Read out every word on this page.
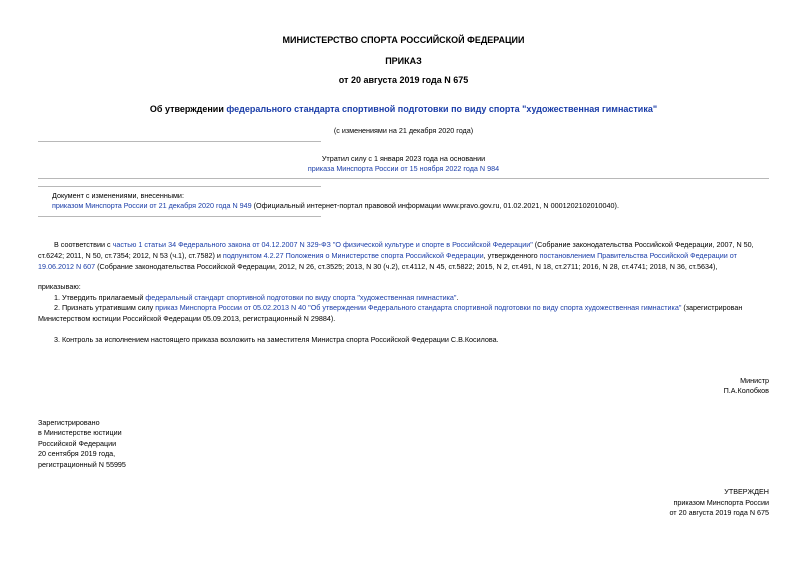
МИНИСТЕРСТВО СПОРТА РОССИЙСКОЙ ФЕДЕРАЦИИ
ПРИКАЗ
от 20 августа 2019 года N 675
Об утверждении федерального стандарта спортивной подготовки по виду спорта "художественная гимнастика"
(с изменениями на 21 декабря 2020 года)
Утратил силу с 1 января 2023 года на основании
приказа Минспорта России от 15 ноября 2022 года N 984
Документ с изменениями, внесенными:
приказом Минспорта России от 21 декабря 2020 года N 949 (Официальный интернет-портал правовой информации www.pravo.gov.ru, 01.02.2021, N 0001202102010040).
В соответствии с частью 1 статьи 34 Федерального закона от 04.12.2007 N 329-ФЗ "О физической культуре и спорте в Российской Федерации" (Собрание законодательства Российской Федерации, 2007, N 50,
ст.6242; 2011, N 50, ст.7354; 2012, N 53 (ч.1), ст.7582) и подпунктом 4.2.27 Положения о Министерстве спорта Российской Федерации, утвержденного постановлением Правительства Российской Федерации от
19.06.2012 N 607 (Собрание законодательства Российской Федерации, 2012, N 26, ст.3525; 2013, N 30 (ч.2), ст.4112, N 45, ст.5822; 2015, N 2, ст.491, N 18, ст.2711; 2016, N 28, ст.4741; 2018, N 36, ст.5634),
приказываю:
1. Утвердить прилагаемый федеральный стандарт спортивной подготовки по виду спорта "художественная гимнастика".
2. Признать утратившим силу приказ Минспорта России от 05.02.2013 N 40 "Об утверждении Федерального стандарта спортивной подготовки по виду спорта художественная гимнастика" (зарегистрирован
Министерством юстиции Российской Федерации 05.09.2013, регистрационный N 29884).
3. Контроль за исполнением настоящего приказа возложить на заместителя Министра спорта Российской Федерации С.В.Косилова.
Министр
П.А.Колобков
Зарегистрировано
в Министерстве юстиции
Российской Федерации
20 сентября 2019 года,
регистрационный N 55995
УТВЕРЖДЕН
приказом Минспорта России
от 20 августа 2019 года N 675
